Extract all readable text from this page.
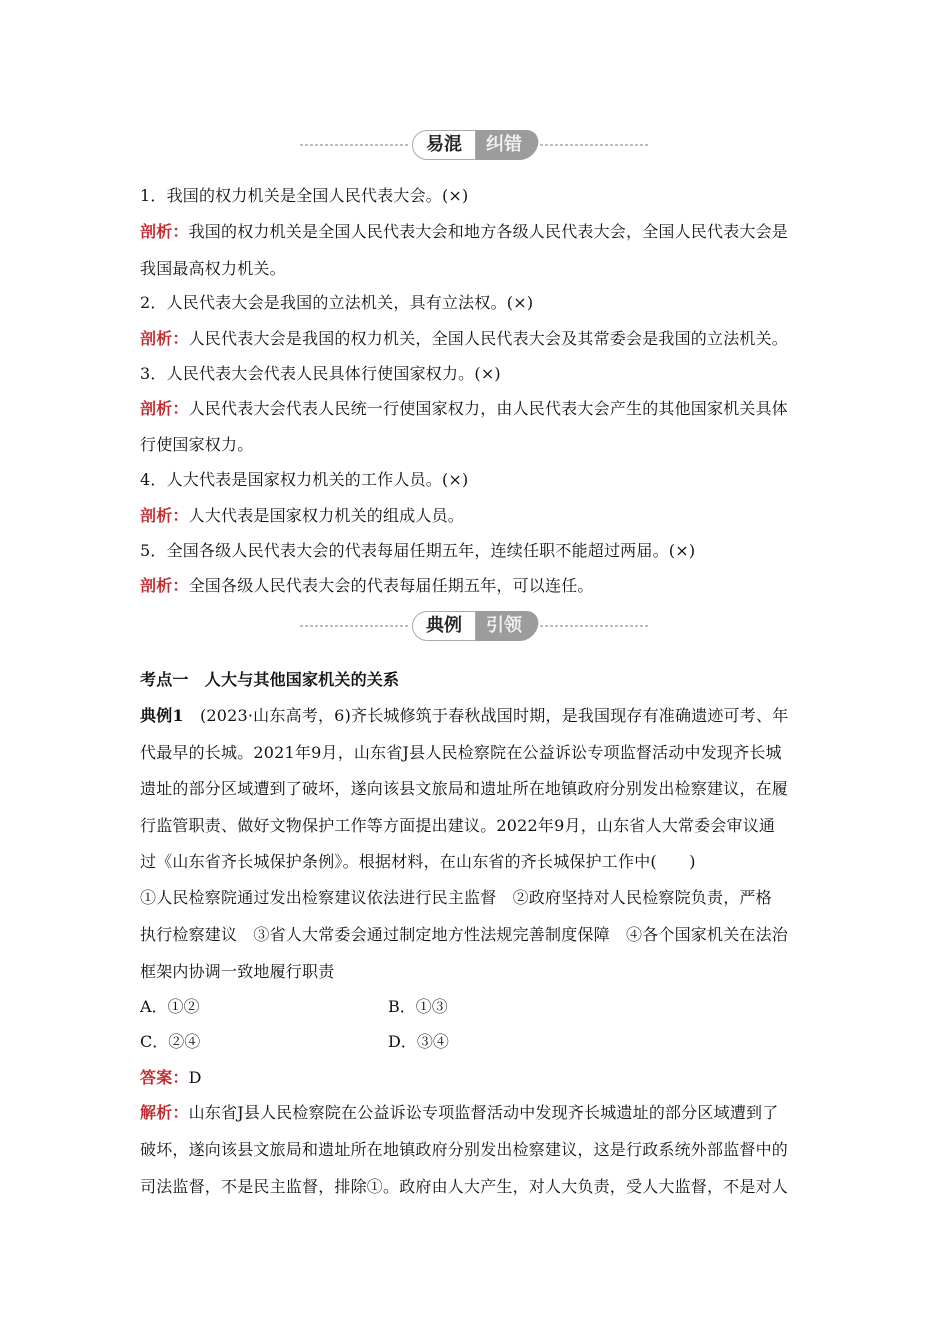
纠错
易混
1．我国的权力机关是全国人民代表大会。(×)
剖析：我国的权力机关是全国人民代表大会和地方各级人民代表大会，全国人民代表大会是
我国最高权力机关。
2．人民代表大会是我国的立法机关，具有立法权。(×)
剖析：人民代表大会是我国的权力机关，全国人民代表大会及其常委会是我国的立法机关。
3．人民代表大会代表人民具体行使国家权力。(×)
剖析：人民代表大会代表人民统一行使国家权力，由人民代表大会产生的其他国家机关具体
行使国家权力。
4．人大代表是国家权力机关的工作人员。(×)
剖析：人大代表是国家权力机关的组成人员。
5．全国各级人民代表大会的代表每届任期五年，连续任职不能超过两届。(×)
剖析：全国各级人民代表大会的代表每届任期五年，可以连任。
引领
典例
考点一　人大与其他国家机关的关系
典例1　 (2023·山东高考，6)齐长城修筑于春秋战国时期，是我国现存有准确遗迹可考、年
代最早的长城。2021年9月，山东省J县人民检察院在公益诉讼专项监督活动中发现齐长城
遗址的部分区域遭到了破坏，遂向该县文旅局和遗址所在地镇政府分别发出检察建议，在履
行监管职责、做好文物保护工作等方面提出建议。2022年9月，山东省人大常委会审议通
过《山东省齐长城保护条例》。根据材料，在山东省的齐长城保护工作中(　　)
①人民检察院通过发出检察建议依法进行民主监督　②政府坚持对人民检察院负责，严格
执行检察建议　③省人大常委会通过制定地方性法规完善制度保障　④各个国家机关在法治
框架内协调一致地履行职责
A．①②	B．①③
C．②④	D．③④
答案：D
解析：山东省J县人民检察院在公益诉讼专项监督活动中发现齐长城遗址的部分区域遭到了
破坏，遂向该县文旅局和遗址所在地镇政府分别发出检察建议，这是行政系统外部监督中的
司法监督，不是民主监督，排除①。政府由人大产生，对人大负责，受人大监督，不是对人
